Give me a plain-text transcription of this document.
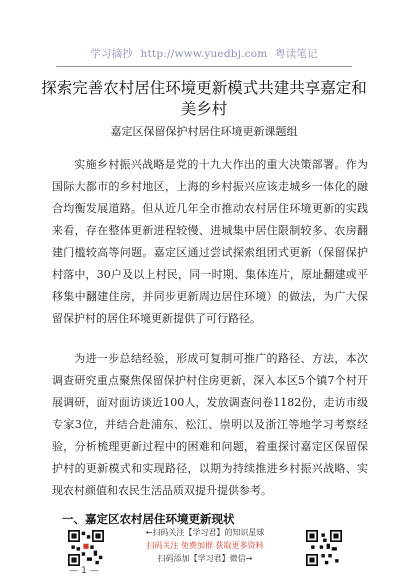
学习摘抄 http://www.yuedbj.com 粤读笔记
探索完善农村居住环境更新模式共建共享嘉定和美乡村
嘉定区保留保护村居住环境更新课题组
实施乡村振兴战略是党的十九大作出的重大决策部署。作为国际大都市的乡村地区，上海的乡村振兴应该走城乡一体化的融合均衡发展道路。但从近几年全市推动农村居住环境更新的实践来看，存在整体更新进程较慢、进城集中居住限制较多、农房翻建门槛较高等问题。嘉定区通过尝试探索组团式更新（保留保护村落中，30户及以上村民，同一时期、集体连片，原址翻建或平移集中翻建住房，并同步更新周边居住环境）的做法，为广大保留保护村的居住环境更新提供了可行路径。
为进一步总结经验，形成可复制可推广的路径、方法，本次调查研究重点聚焦保留保护村住房更新，深入本区5个镇7个村开展调研，面对面访谈近100人，发放调查问卷1182份，走访市级专家3位，并结合赴浦东、松江、崇明以及浙江等地学习考察经验，分析梳理更新过程中的困难和问题，着重探讨嘉定区保留保护村的更新模式和实现路径，以期为持续推进乡村振兴战略、实现农村颜值和农民生活品质双提升提供参考。
一、嘉定区农村居住环境更新现状
←扫码关注【学习君】的知识星球
扫码关注 免费加群 获取更多资料
扫码添加【学习君】微信→
— 1 —
